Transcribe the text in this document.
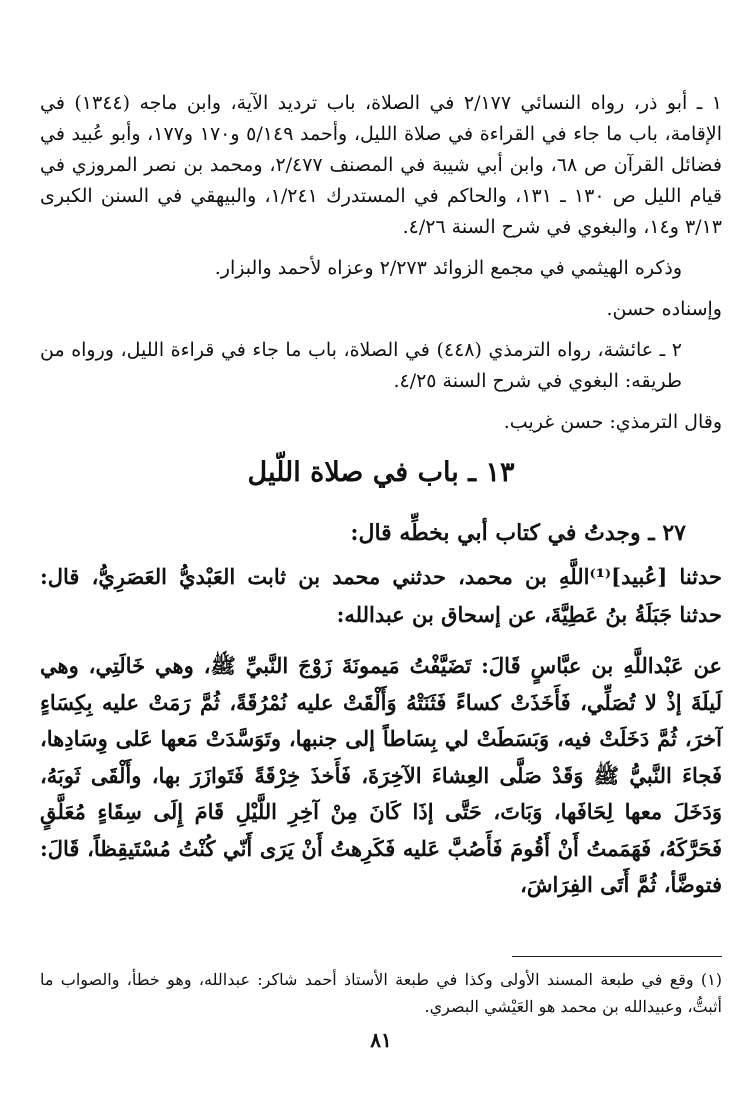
١ ـ أبو ذر، رواه النسائي ٢/١٧٧ في الصلاة، باب ترديد الآية، وابن ماجه (١٣٤٤) في الإقامة، باب ما جاء في القراءة في صلاة الليل، وأحمد ٥/١٤٩ و١٧٠ و١٧٧، وأبو عُبيد في فضائل القرآن ص ٦٨، وابن أبي شيبة في المصنف ٢/٤٧٧، ومحمد بن نصر المروزي في قيام الليل ص ١٣٠ ـ ١٣١، والحاكم في المستدرك ١/٢٤١، والبيهقي في السنن الكبرى ٣/١٣ و١٤، والبغوي في شرح السنة ٤/٢٦.

وذكره الهيثمي في مجمع الزوائد ٢/٢٧٣ وعزاه لأحمد والبزار.

وإسناده حسن.

٢ ـ عائشة، رواه الترمذي (٤٤٨) في الصلاة، باب ما جاء في قراءة الليل، ورواه من طريقه: البغوي في شرح السنة ٤/٢٥.

وقال الترمذي: حسن غريب.

١٣ ـ باب في صلاة اللّيل

٢٧ ـ وجدتُ في كتاب أبي بخطِّه قال:

حدثنا [عُبيد]⁽¹⁾اللَّهِ بن محمد، حدثني محمد بن ثابت العَبْديُّ العَصَرِيُّ، قال: حدثنا جَبَلَةُ بنُ عَطِيَّةَ، عن إسحاق بن عبدالله:

عن عَبْداللَّهِ بن عبَّاسٍ قَالَ: تَضَيَّفْتُ مَيمونَةَ زَوْجَ النَّبيِّ ﷺ، وهي خَالَتِي، وهي لَيلَةَ إذْ لا تُصَلِّي، فَأَخَذَتْ كساءً فَثَنَتْهُ وَأَلْقَتْ عليه نُمْرُقَةً، ثُمَّ رَمَتْ عليه بِكِسَاءٍ آخرَ، ثُمَّ دَخَلَتْ فيه، وَبَسَطَتْ لي بِسَاطاً إلى جنبها، وتَوَسَّدَتْ مَعها عَلى وِسَادِها، فَجاءَ النَّبيُّ ﷺ وَقَدْ صَلَّى العِشاءَ الآخِرَةَ، فَأَخذَ خِرْقَةً فَتَوازَرَ بها، وأَلْقَى ثَوبَهُ، وَدَخَلَ معها لِحَافَها، وَبَاتَ، حَتَّى إذَا كَانَ مِنْ آخِرِ اللَّيْلِ قَامَ إِلَى سِقَاءٍ مُعَلَّقٍ فَحَرَّكَهُ، فَهَمَمتُ أَنْ أَقُومَ فَأَصُبَّ عَليه فَكَرِهتُ أَنْ يَرَى أَنّي كُنْتُ مُسْتَيقِظاً، قَالَ: فتوضَّأ، ثُمَّ أَتَى الفِرَاشَ،

(١) وقع في طبعة المسند الأولى وكذا في طبعة الأستاذ أحمد شاكر: عبدالله، وهو خطأ، والصواب ما أثبتُّ، وعبيدالله بن محمد هو العَيْشي البصري.

٨١
